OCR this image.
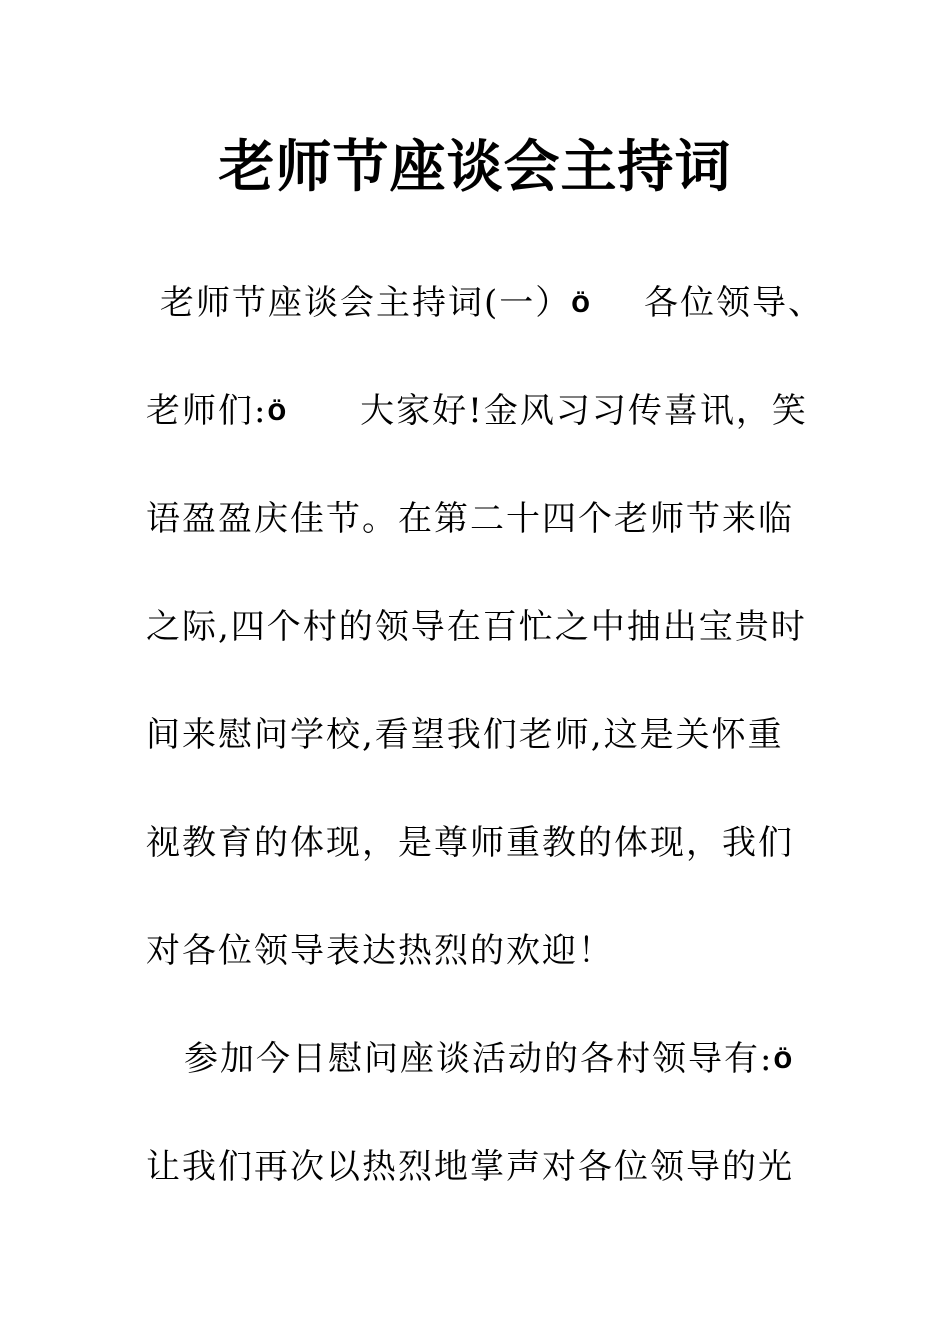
老师节座谈会主持词
老师节座谈会主持词(一）Ö 各位领导、
老师们:Ö 大家好!金风习习传喜讯，笑
语盈盈庆佳节。在第二十四个老师节来临
之际,四个村的领导在百忙之中抽出宝贵时
间来慰问学校,看望我们老师,这是关怀重
视教育的体现，是尊师重教的体现，我们
对各位领导表达热烈的欢迎！
参加今日慰问座谈活动的各村领导有:Ö
让我们再次以热烈地掌声对各位领导的光
